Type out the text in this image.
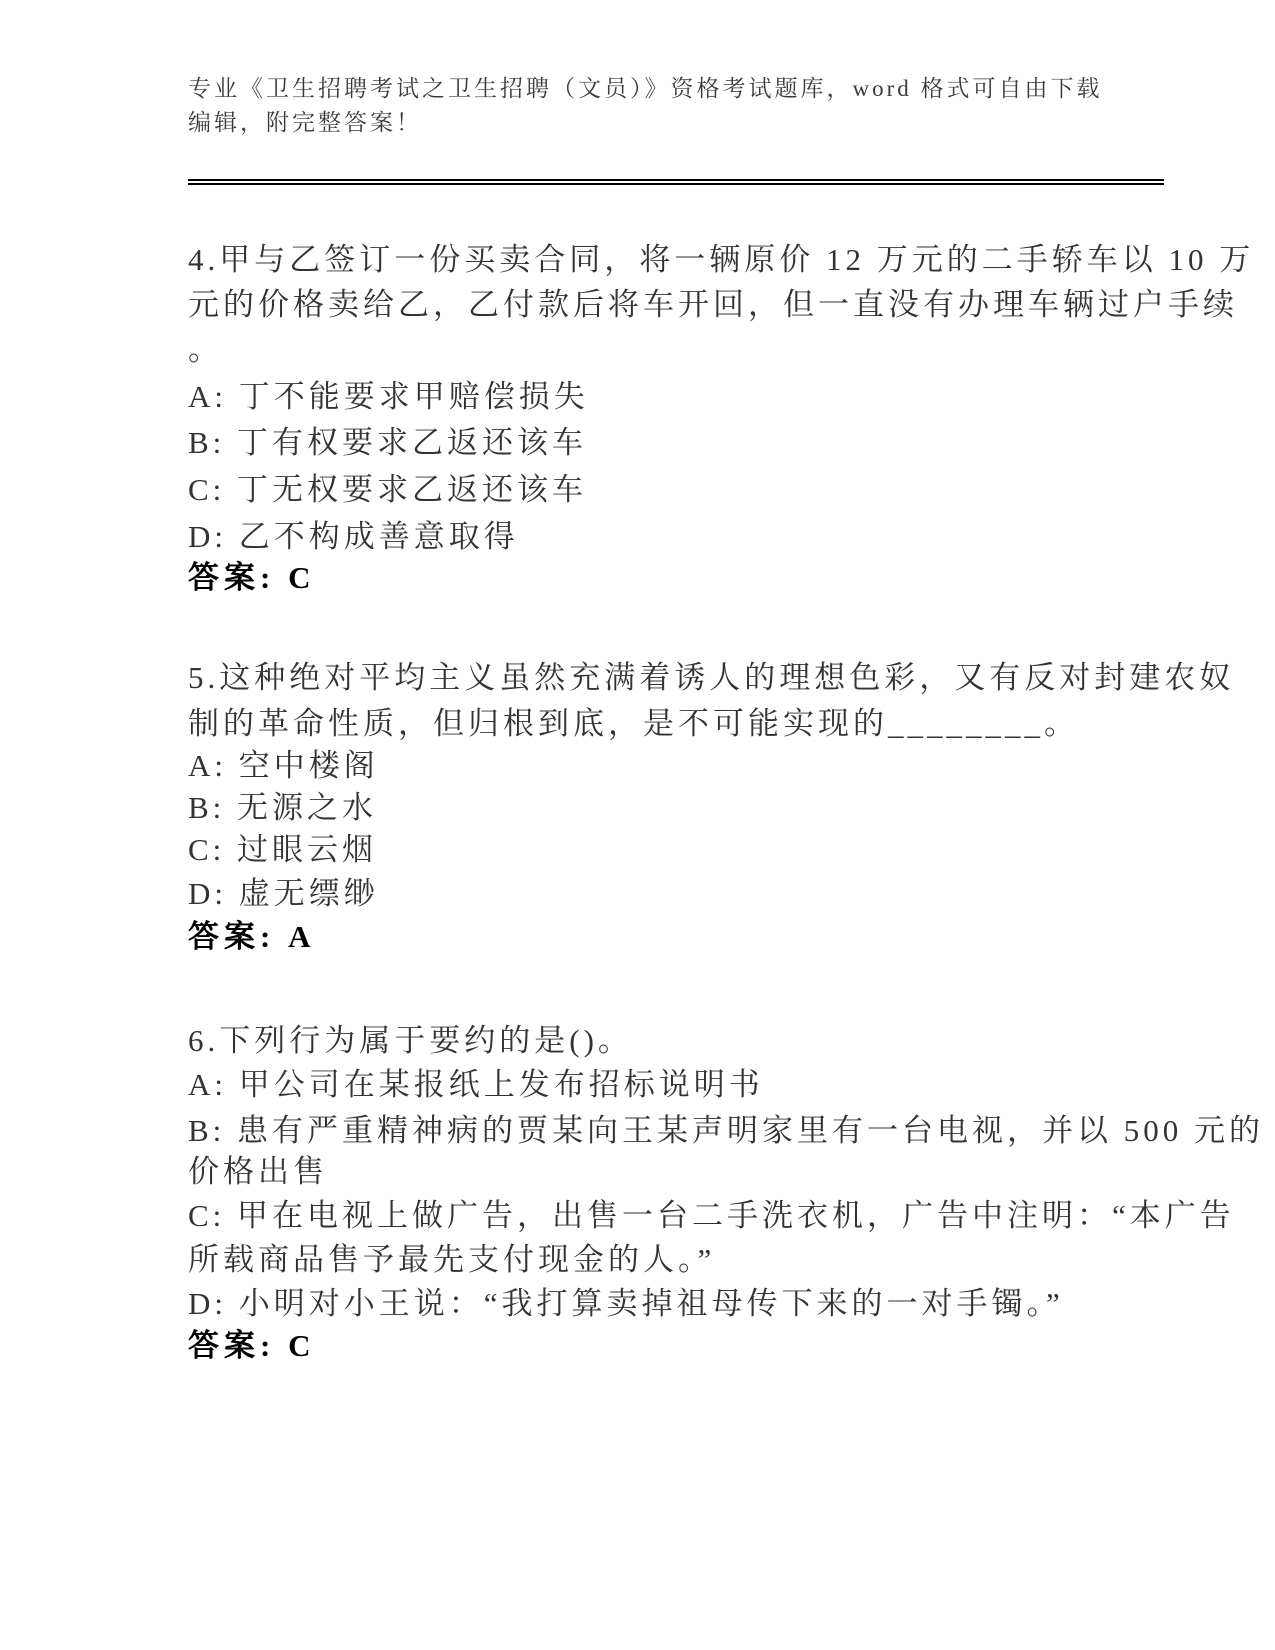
专业《卫生招聘考试之卫生招聘（文员）》资格考试题库，word 格式可自由下载
编辑，附完整答案！
4.甲与乙签订一份买卖合同，将一辆原价 12 万元的二手轿车以 10 万
元的价格卖给乙，乙付款后将车开回，但一直没有办理车辆过户手续
。
A: 丁不能要求甲赔偿损失
B: 丁有权要求乙返还该车
C: 丁无权要求乙返还该车
D: 乙不构成善意取得
答案: C
5.这种绝对平均主义虽然充满着诱人的理想色彩，又有反对封建农奴
制的革命性质，但归根到底，是不可能实现的________。
A: 空中楼阁
B: 无源之水
C: 过眼云烟
D: 虚无缥缈
答案: A
6.下列行为属于要约的是()。
A: 甲公司在某报纸上发布招标说明书
B: 患有严重精神病的贾某向王某声明家里有一台电视，并以 500 元的
价格出售
C: 甲在电视上做广告，出售一台二手洗衣机，广告中注明：“本广告
所载商品售予最先支付现金的人。”
D: 小明对小王说：“我打算卖掉祖母传下来的一对手镯。”
答案: C
